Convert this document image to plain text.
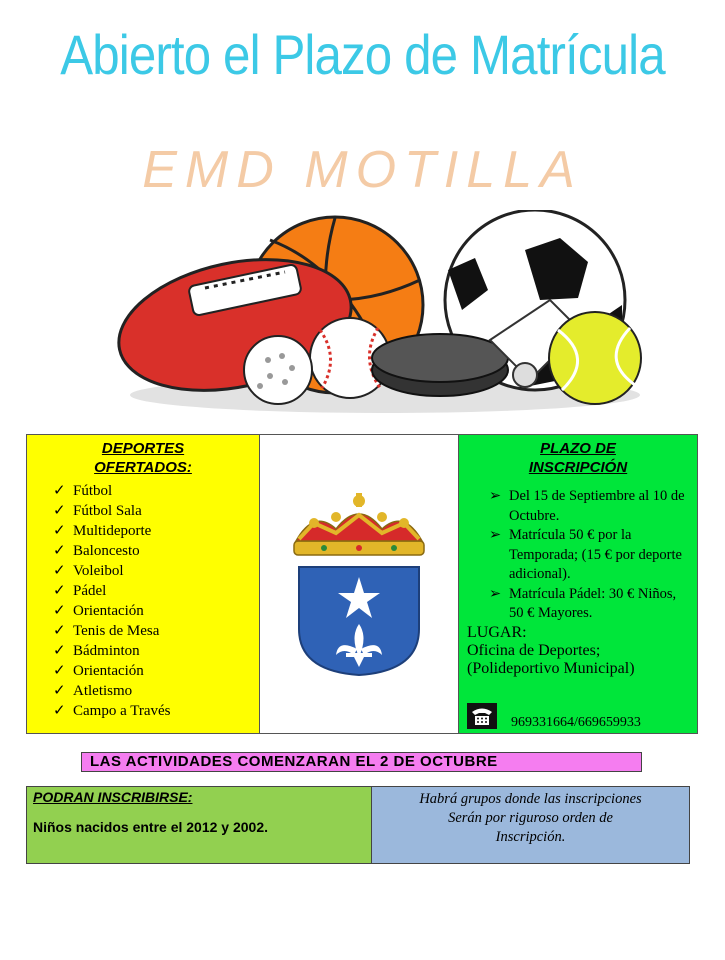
Abierto el Plazo de Matrícula
EMD MOTILLA
DEPORTES
OFERTADOS:
✓ Fútbol
✓ Fútbol Sala
✓ Multideporte
✓ Baloncesto
✓ Voleibol
✓ Pádel
✓ Orientación
✓ Tenis de Mesa
✓ Bádminton
✓ Orientación
✓ Atletismo
✓ Campo a Través
PLAZO DE
INSCRIPCIÓN
➢ Del 15 de Septiembre al 10 de Octubre.
➢ Matrícula 50 € por la Temporada; (15 € por deporte adicional).
➢ Matrícula Pádel: 30 € Niños, 50 € Mayores.
LUGAR:
Oficina de Deportes;
(Polideportivo Municipal)
969331664/669659933
LAS ACTIVIDADES COMENZARAN EL 2 DE OCTUBRE
PODRAN INSCRIBIRSE:
Niños nacidos entre el 2012 y 2002.
Habrá grupos donde las inscripciones
Serán por riguroso orden de
Inscripción.
